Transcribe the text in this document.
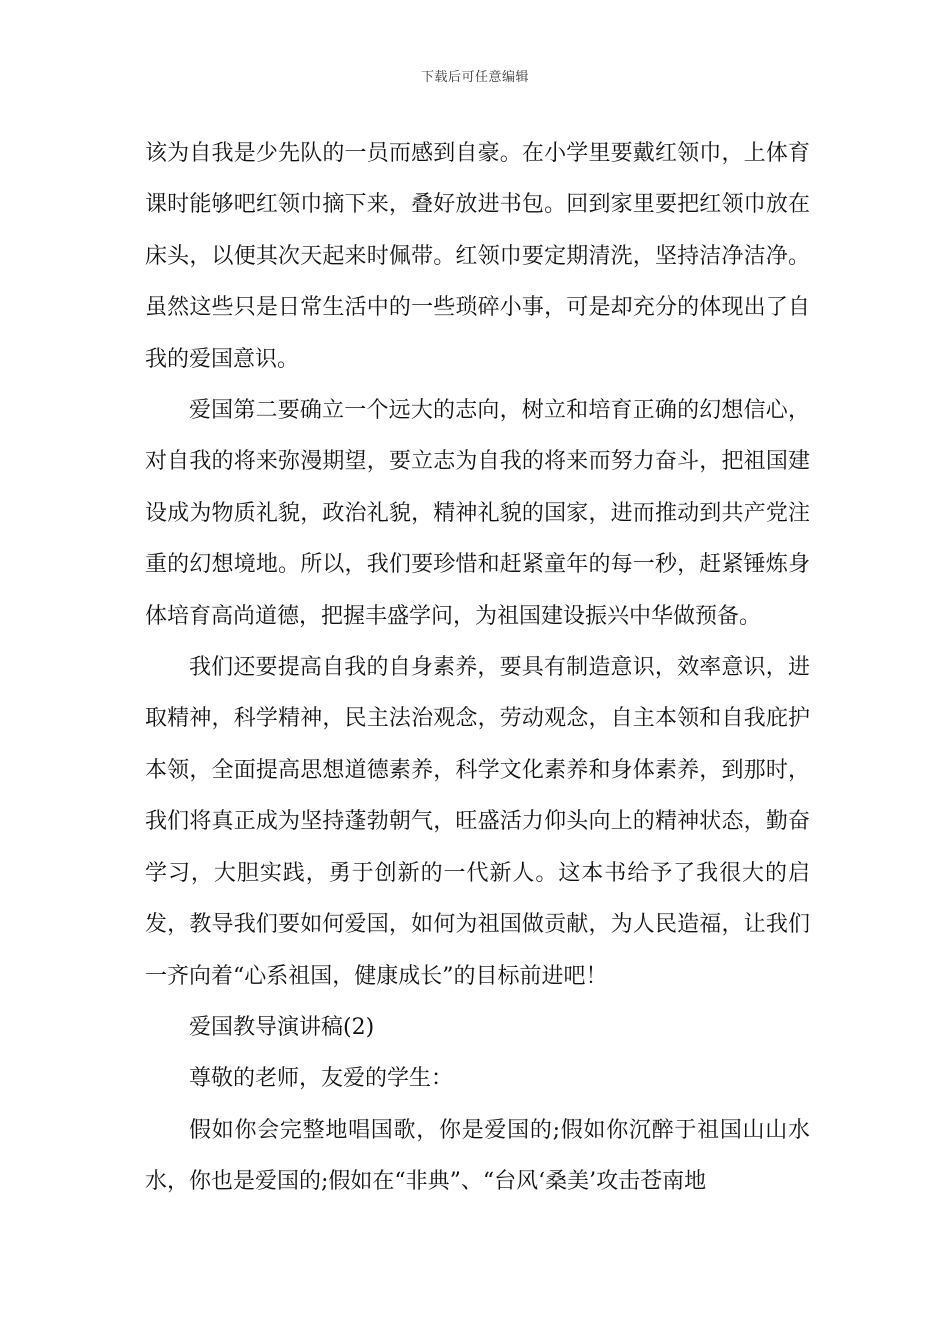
下载后可任意编辑

该为自我是少先队的一员而感到自豪。在小学里要戴红领巾，上体育课时能够吧红领巾摘下来，叠好放进书包。回到家里要把红领巾放在床头，以便其次天起来时佩带。红领巾要定期清洗，坚持洁净洁净。虽然这些只是日常生活中的一些琐碎小事，可是却充分的体现出了自我的爱国意识。

爱国第二要确立一个远大的志向，树立和培育正确的幻想信心，对自我的将来弥漫期望，要立志为自我的将来而努力奋斗，把祖国建设成为物质礼貌，政治礼貌，精神礼貌的国家，进而推动到共产党注重的幻想境地。所以，我们要珍惜和赶紧童年的每一秒，赶紧锤炼身体培育高尚道德，把握丰盛学问，为祖国建设振兴中华做预备。

我们还要提高自我的自身素养，要具有制造意识，效率意识，进取精神，科学精神，民主法治观念，劳动观念，自主本领和自我庇护本领，全面提高思想道德素养，科学文化素养和身体素养，到那时，我们将真正成为坚持蓬勃朝气，旺盛活力仰头向上的精神状态，勤奋学习，大胆实践，勇于创新的一代新人。这本书给予了我很大的启发，教导我们要如何爱国，如何为祖国做贡献，为人民造福，让我们一齐向着“心系祖国，健康成长”的目标前进吧！

爱国教导演讲稿(2)

尊敬的老师，友爱的学生：

假如你会完整地唱国歌，你是爱国的;假如你沉醉于祖国山山水水，你也是爱国的;假如在“非典”、“台风‘桑美’攻击苍南地
